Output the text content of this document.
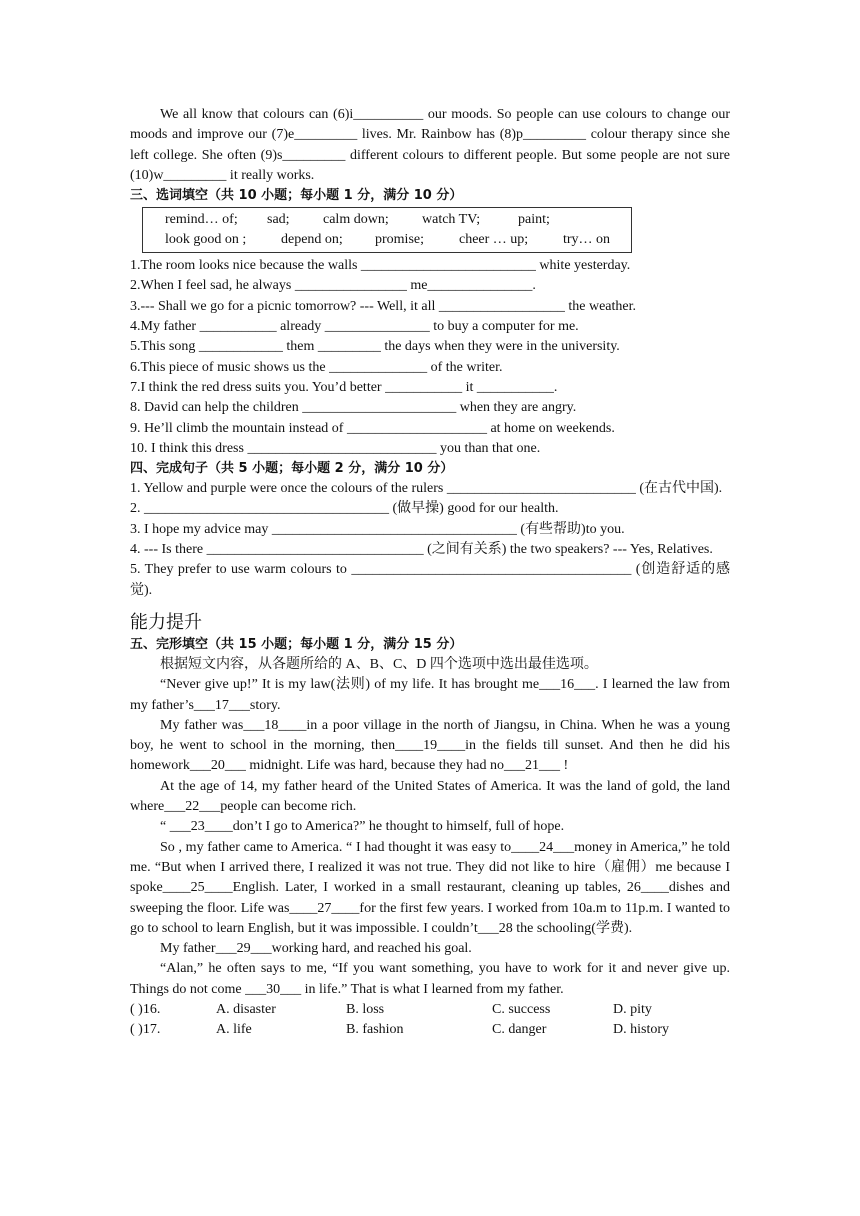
We all know that colours can (6)i__________ our moods. So people can use colours to change our moods and improve our (7)e_________ lives. Mr. Rainbow has (8)p_________ colour therapy since she left college. She often (9)s_________ different colours to different people. But some people are not sure (10)w_________ it really works.

三、选词填空（共 10 小题；每小题 1 分，满分 10 分）

remind… of; sad;	calm down;	watch TV;	paint;
look good on ;	depend on;	promise;	cheer … up;	try… on

1.The room looks nice because the walls _________________________ white yesterday.

2.When I feel sad, he always ________________ me_______________.

3.--- Shall we go for a picnic tomorrow? --- Well, it all __________________ the weather.

4.My father ___________ already _______________ to buy a computer for me.

5.This song ____________ them _________ the days when they were in the university.

6.This piece of music shows us the ______________ of the writer.

7.I think the red dress suits you. You’d better ___________ it ___________.

8. David can help the children ______________________ when they are angry.

9. He’ll climb the mountain instead of ____________________ at home on weekends.

10. I think this dress ___________________________ you than that one.

四、完成句子（共 5 小题；每小题 2 分，满分 10 分）

1. Yellow and purple were once the colours of the rulers ___________________________ (在古代中国).

2. ___________________________________ (做早操) good for our health.

3. I hope my advice may ___________________________________ (有些帮助)to you.

4. --- Is there _______________________________ (之间有关系) the two speakers? --- Yes, Relatives.

5. They prefer to use warm colours to ________________________________________ (创造舒适的感觉).

能力提升

五、完形填空（共 15 小题；每小题 1 分，满分 15 分）

根据短文内容，从各题所给的 A、B、C、D 四个选项中选出最佳选项。

“Never give up!” It is my law(法则) of my life. It has brought me___16___. I learned the law from my father’s___17___story.

My father was___18____in a poor village in the north of Jiangsu, in China. When he was a young boy, he went to school in the morning, then____19____in the fields till sunset. And then he did his homework___20___ midnight. Life was hard, because they had no___21___ !

At the age of 14, my father heard of the United States of America. It was the land of gold, the land where___22___people can become rich.

“ ___23____don’t I go to America?” he thought to himself, full of hope.

So , my father came to America. “ I had thought it was easy to____24___money in America,” he told me. “But when I arrived there, I realized it was not true. They did not like to hire（雇佣）me because I spoke____25____English. Later, I worked in a small restaurant, cleaning up tables, 26____dishes and sweeping the floor. Life was____27____for the first few years. I worked from 10a.m to 11p.m. I wanted to go to school to learn English, but it was impossible. I couldn’t___28 the schooling(学费).

My father___29___working hard, and reached his goal.

“Alan,” he often says to me, “If you want something, you have to work for it and never give up. Things do not come ___30___ in life.” That is what I learned from my father.

( )16.	A. disaster	B. loss	C. success	D. pity
( )17.	A. life	B. fashion	C. danger	D. history
